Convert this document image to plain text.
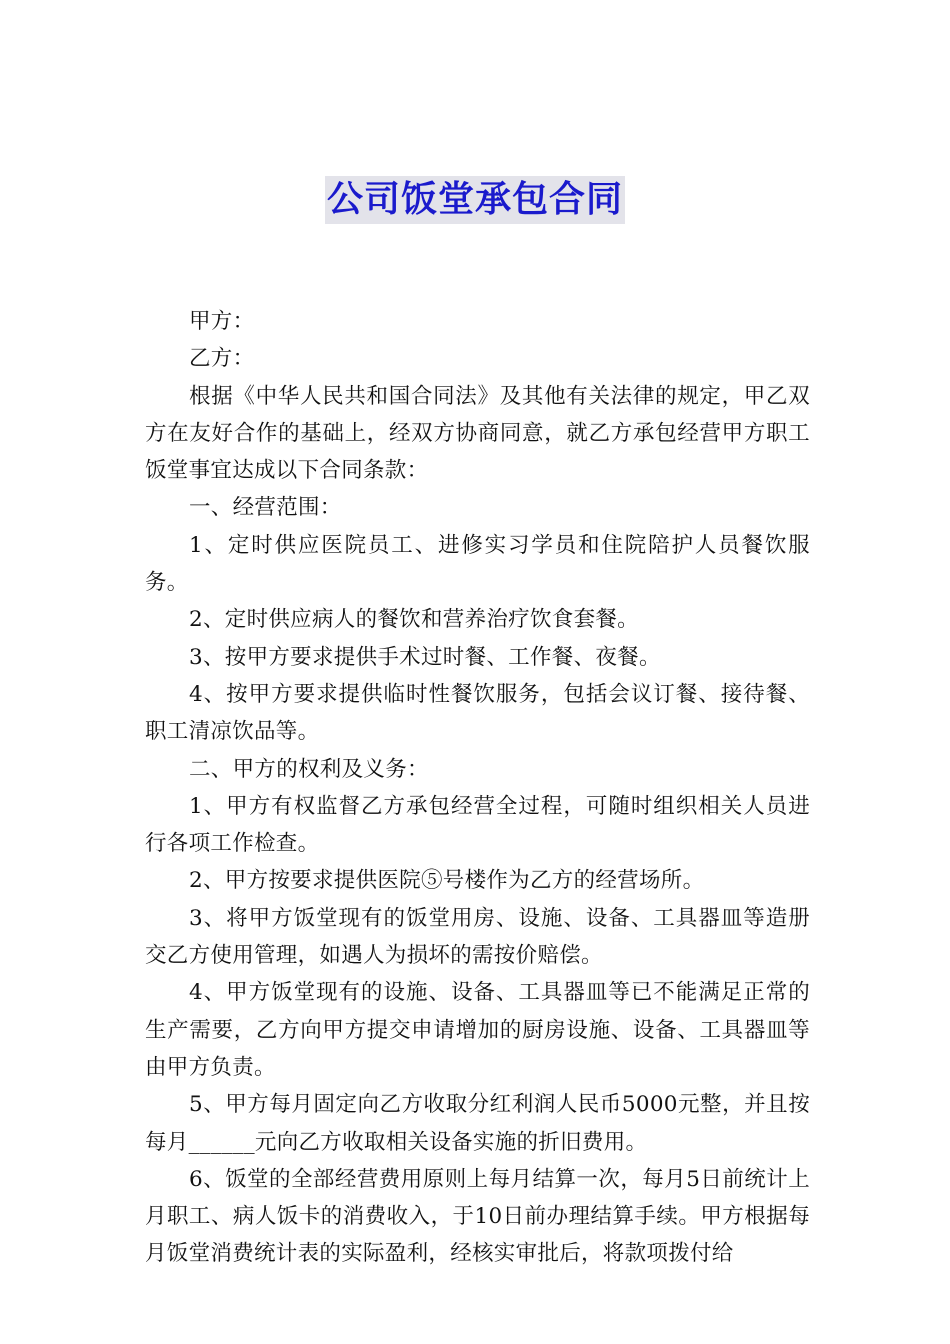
公司饭堂承包合同

甲方：

乙方：

根据《中华人民共和国合同法》及其他有关法律的规定，甲乙双方在友好合作的基础上，经双方协商同意，就乙方承包经营甲方职工饭堂事宜达成以下合同条款：

一、经营范围：

1、定时供应医院员工、进修实习学员和住院陪护人员餐饮服务。

2、定时供应病人的餐饮和营养治疗饮食套餐。

3、按甲方要求提供手术过时餐、工作餐、夜餐。

4、按甲方要求提供临时性餐饮服务，包括会议订餐、接待餐、职工清凉饮品等。

二、甲方的权利及义务：

1、甲方有权监督乙方承包经营全过程，可随时组织相关人员进行各项工作检查。

2、甲方按要求提供医院⑤号楼作为乙方的经营场所。

3、将甲方饭堂现有的饭堂用房、设施、设备、工具器皿等造册交乙方使用管理，如遇人为损坏的需按价赔偿。

4、甲方饭堂现有的设施、设备、工具器皿等已不能满足正常的生产需要，乙方向甲方提交申请增加的厨房设施、设备、工具器皿等由甲方负责。

5、甲方每月固定向乙方收取分红利润人民币5000元整，并且按每月______元向乙方收取相关设备实施的折旧费用。

6、饭堂的全部经营费用原则上每月结算一次，每月5日前统计上月职工、病人饭卡的消费收入，于10日前办理结算手续。甲方根据每月饭堂消费统计表的实际盈利，经核实审批后，将款项拨付给
